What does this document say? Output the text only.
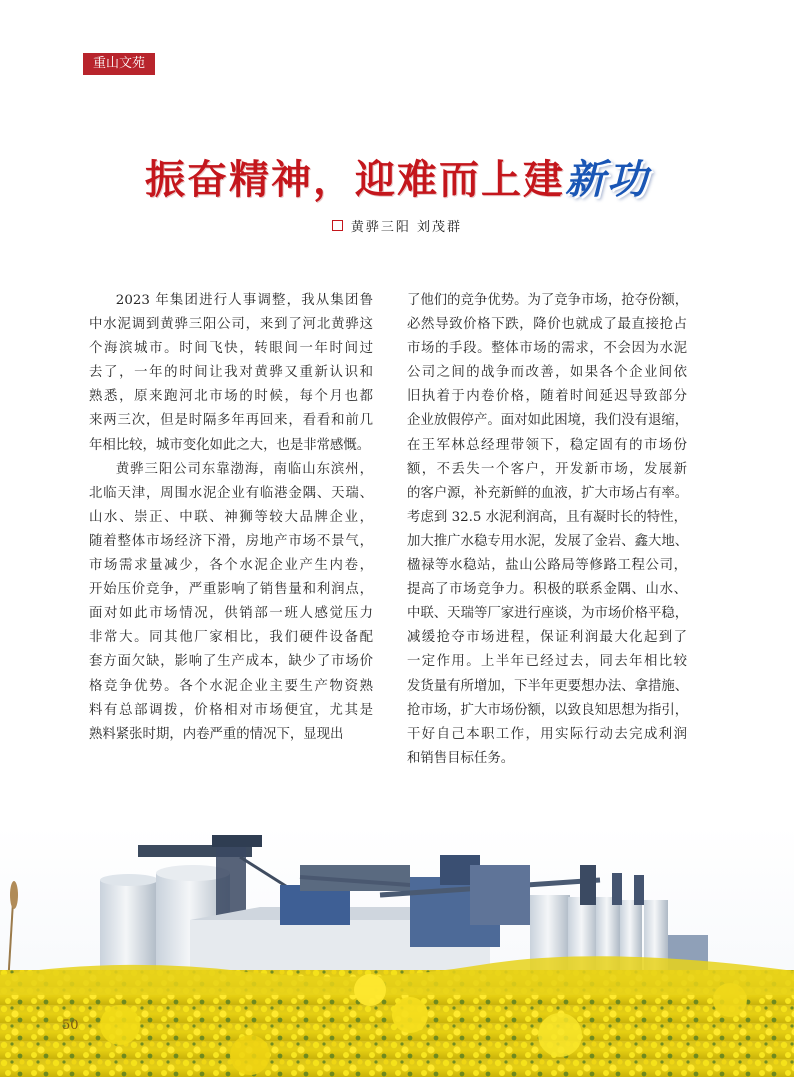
重山文苑
振奋精神，迎难而上建新功
黄骅三阳 刘茂群
2023 年集团进行人事调整，我从集团鲁
中水泥调到黄骅三阳公司，来到了河北黄骅这
个海滨城市。时间飞快，转眼间一年时间过
去了，一年的时间让我对黄骅又重新认识和
熟悉，原来跑河北市场的时候，每个月也都
来两三次，但是时隔多年再回来，看看和前几
年相比较，城市变化如此之大，也是非常感慨。
黄骅三阳公司东靠渤海，南临山东滨州，
北临天津，周围水泥企业有临港金隅、天瑞、
山水、崇正、中联、神狮等较大品牌企业，
随着整体市场经济下滑，房地产市场不景气，
市场需求量减少，各个水泥企业产生内卷，
开始压价竞争，严重影响了销售量和利润点，
面对如此市场情况，供销部一班人感觉压力
非常大。同其他厂家相比，我们硬件设备配
套方面欠缺，影响了生产成本，缺少了市场价
格竞争优势。各个水泥企业主要生产物资熟
料有总部调拨，价格相对市场便宜，尤其是
熟料紧张时期，内卷严重的情况下，显现出
了他们的竞争优势。为了竞争市场，抢夺份额，
必然导致价格下跌，降价也就成了最直接抢占
市场的手段。整体市场的需求，不会因为水泥
公司之间的战争而改善，如果各个企业间依
旧执着于内卷价格，随着时间延迟导致部分
企业放假停产。面对如此困境，我们没有退缩，
在王军林总经理带领下，稳定固有的市场份
额，不丢失一个客户，开发新市场，发展新
的客户源，补充新鲜的血液，扩大市场占有率。
考虑到 32.5 水泥利润高，且有凝时长的特性，
加大推广水稳专用水泥，发展了金岩、鑫大地、
楹禄等水稳站，盐山公路局等修路工程公司，
提高了市场竞争力。积极的联系金隅、山水、
中联、天瑞等厂家进行座谈，为市场价格平稳，
减缓抢夺市场进程，保证利润最大化起到了
一定作用。上半年已经过去，同去年相比较
发货量有所增加，下半年更要想办法、拿措施、
抢市场，扩大市场份额，以致良知思想为指引，
干好自己本职工作，用实际行动去完成利润
和销售目标任务。
50
